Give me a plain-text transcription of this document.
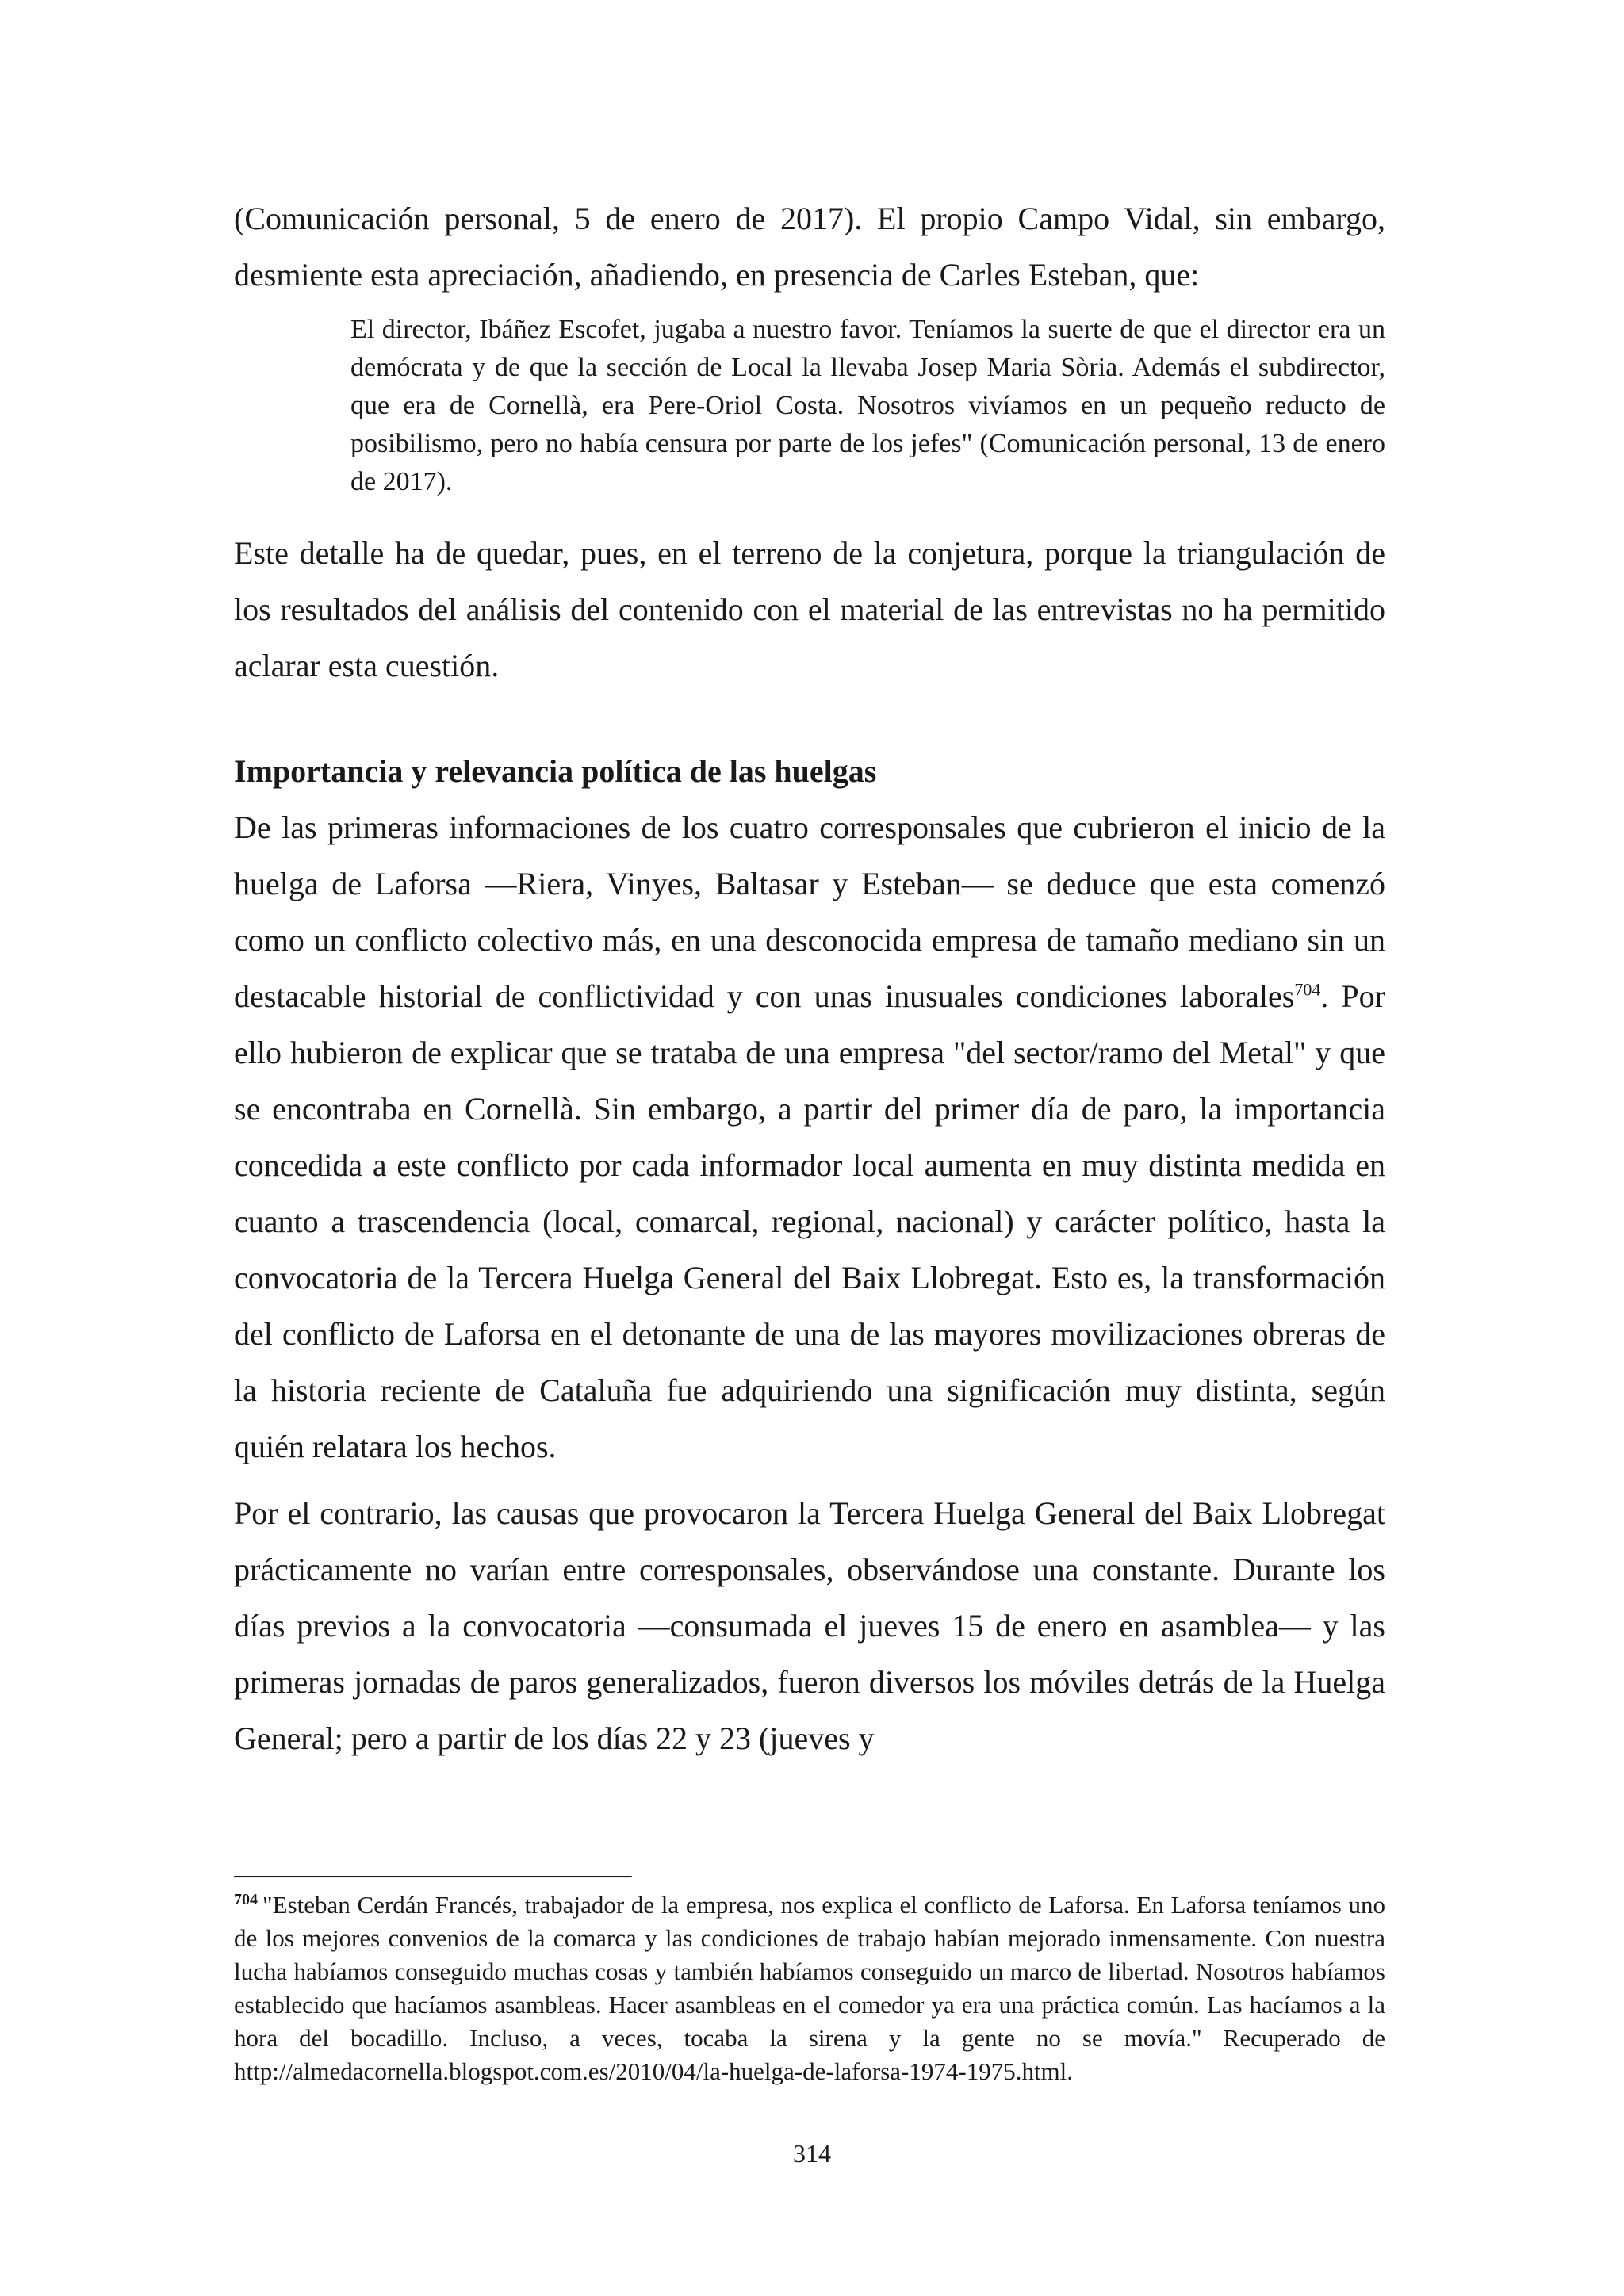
(Comunicación personal, 5 de enero de 2017). El propio Campo Vidal, sin embargo, desmiente esta apreciación, añadiendo, en presencia de Carles Esteban, que:

El director, Ibáñez Escofet, jugaba a nuestro favor. Teníamos la suerte de que el director era un demócrata y de que la sección de Local la llevaba Josep Maria Sòria. Además el subdirector, que era de Cornellà, era Pere-Oriol Costa. Nosotros vivíamos en un pequeño reducto de posibilismo, pero no había censura por parte de los jefes" (Comunicación personal, 13 de enero de 2017).

Este detalle ha de quedar, pues, en el terreno de la conjetura, porque la triangulación de los resultados del análisis del contenido con el material de las entrevistas no ha permitido aclarar esta cuestión.

Importancia y relevancia política de las huelgas

De las primeras informaciones de los cuatro corresponsales que cubrieron el inicio de la huelga de Laforsa —Riera, Vinyes, Baltasar y Esteban— se deduce que esta comenzó como un conflicto colectivo más, en una desconocida empresa de tamaño mediano sin un destacable historial de conflictividad y con unas inusuales condiciones laborales$^{704}$. Por ello hubieron de explicar que se trataba de una empresa "del sector/ramo del Metal" y que se encontraba en Cornellà. Sin embargo, a partir del primer día de paro, la importancia concedida a este conflicto por cada informador local aumenta en muy distinta medida en cuanto a trascendencia (local, comarcal, regional, nacional) y carácter político, hasta la convocatoria de la Tercera Huelga General del Baix Llobregat. Esto es, la transformación del conflicto de Laforsa en el detonante de una de las mayores movilizaciones obreras de la historia reciente de Cataluña fue adquiriendo una significación muy distinta, según quién relatara los hechos.

Por el contrario, las causas que provocaron la Tercera Huelga General del Baix Llobregat prácticamente no varían entre corresponsales, observándose una constante. Durante los días previos a la convocatoria —consumada el jueves 15 de enero en asamblea— y las primeras jornadas de paros generalizados, fueron diversos los móviles detrás de la Huelga General; pero a partir de los días 22 y 23 (jueves y

$^{704}$ "Esteban Cerdán Francés, trabajador de la empresa, nos explica el conflicto de Laforsa. En Laforsa teníamos uno de los mejores convenios de la comarca y las condiciones de trabajo habían mejorado inmensamente. Con nuestra lucha habíamos conseguido muchas cosas y también habíamos conseguido un marco de libertad. Nosotros habíamos establecido que hacíamos asambleas. Hacer asambleas en el comedor ya era una práctica común. Las hacíamos a la hora del bocadillo. Incluso, a veces, tocaba la sirena y la gente no se movía." Recuperado de http://almedacornella.blogspot.com.es/2010/04/la-huelga-de-laforsa-1974-1975.html.
314
